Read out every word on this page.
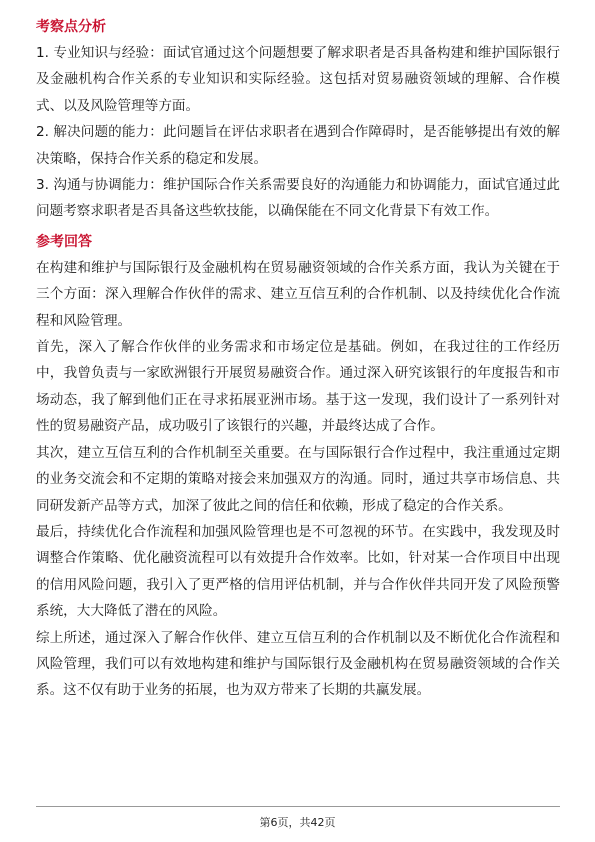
考察点分析

1. 专业知识与经验：面试官通过这个问题想要了解求职者是否具备构建和维护国际银行及金融机构合作关系的专业知识和实际经验。这包括对贸易融资领域的理解、合作模式、以及风险管理等方面。

2. 解决问题的能力：此问题旨在评估求职者在遇到合作障碍时，是否能够提出有效的解决策略，保持合作关系的稳定和发展。

3. 沟通与协调能力：维护国际合作关系需要良好的沟通能力和协调能力，面试官通过此问题考察求职者是否具备这些软技能，以确保能在不同文化背景下有效工作。

参考回答

在构建和维护与国际银行及金融机构在贸易融资领域的合作关系方面，我认为关键在于三个方面：深入理解合作伙伴的需求、建立互信互利的合作机制、以及持续优化合作流程和风险管理。

首先，深入了解合作伙伴的业务需求和市场定位是基础。例如，在我过往的工作经历中，我曾负责与一家欧洲银行开展贸易融资合作。通过深入研究该银行的年度报告和市场动态，我了解到他们正在寻求拓展亚洲市场。基于这一发现，我们设计了一系列针对性的贸易融资产品，成功吸引了该银行的兴趣，并最终达成了合作。

其次，建立互信互利的合作机制至关重要。在与国际银行合作过程中，我注重通过定期的业务交流会和不定期的策略对接会来加强双方的沟通。同时，通过共享市场信息、共同研发新产品等方式，加深了彼此之间的信任和依赖，形成了稳定的合作关系。

最后，持续优化合作流程和加强风险管理也是不可忽视的环节。在实践中，我发现及时调整合作策略、优化融资流程可以有效提升合作效率。比如，针对某一合作项目中出现的信用风险问题，我引入了更严格的信用评估机制，并与合作伙伴共同开发了风险预警系统，大大降低了潜在的风险。

综上所述，通过深入了解合作伙伴、建立互信互利的合作机制以及不断优化合作流程和风险管理，我们可以有效地构建和维护与国际银行及金融机构在贸易融资领域的合作关系。这不仅有助于业务的拓展，也为双方带来了长期的共赢发展。

第6页，共42页
